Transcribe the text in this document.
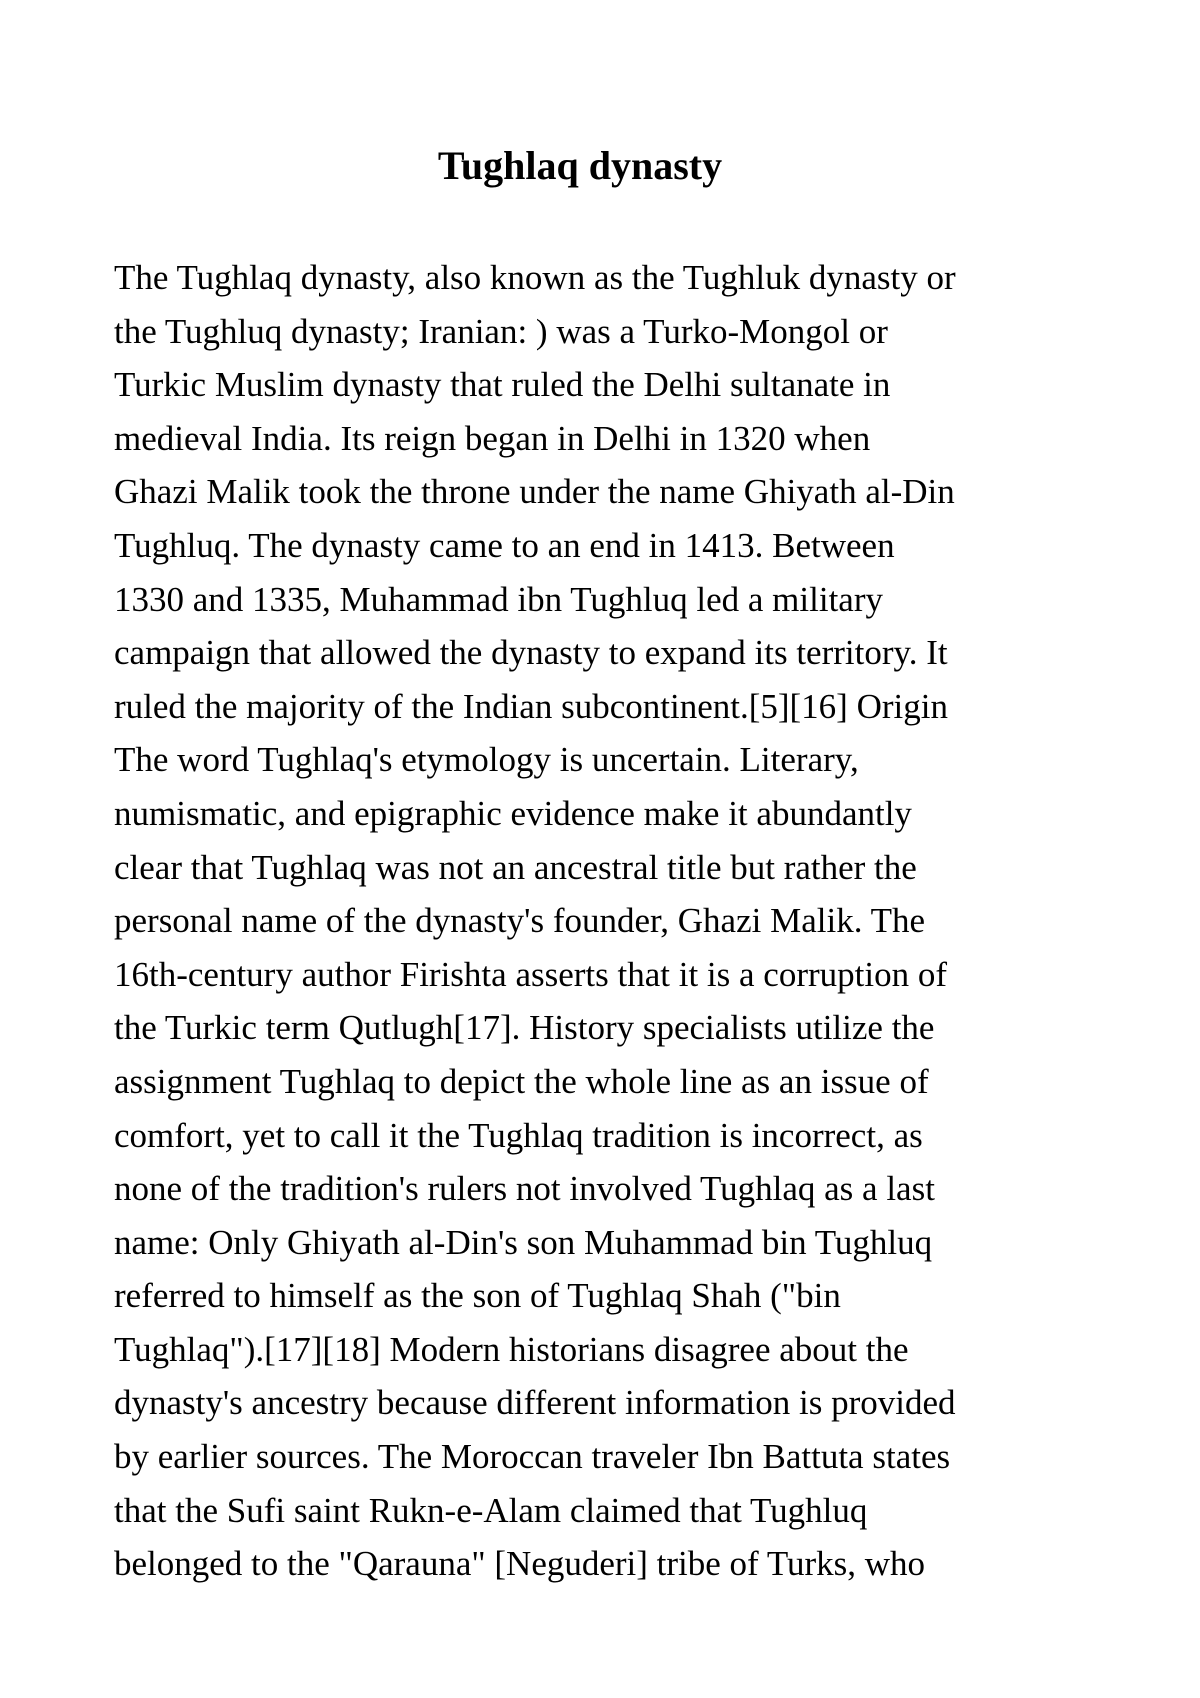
Tughlaq dynasty
The Tughlaq dynasty, also known as the Tughluk dynasty or
the Tughluq dynasty; Iranian: ) was a Turko-Mongol or
Turkic Muslim dynasty that ruled the Delhi sultanate in
medieval India. Its reign began in Delhi in 1320 when
Ghazi Malik took the throne under the name Ghiyath al-Din
Tughluq. The dynasty came to an end in 1413. Between
1330 and 1335, Muhammad ibn Tughluq led a military
campaign that allowed the dynasty to expand its territory. It
ruled the majority of the Indian subcontinent.[5][16] Origin
The word Tughlaq's etymology is uncertain. Literary,
numismatic, and epigraphic evidence make it abundantly
clear that Tughlaq was not an ancestral title but rather the
personal name of the dynasty's founder, Ghazi Malik. The
16th-century author Firishta asserts that it is a corruption of
the Turkic term Qutlugh[17]. History specialists utilize the
assignment Tughlaq to depict the whole line as an issue of
comfort, yet to call it the Tughlaq tradition is incorrect, as
none of the tradition's rulers not involved Tughlaq as a last
name: Only Ghiyath al-Din's son Muhammad bin Tughluq
referred to himself as the son of Tughlaq Shah ("bin
Tughlaq").[17][18] Modern historians disagree about the
dynasty's ancestry because different information is provided
by earlier sources. The Moroccan traveler Ibn Battuta states
that the Sufi saint Rukn-e-Alam claimed that Tughluq
belonged to the "Qarauna" [Neguderi] tribe of Turks, who
